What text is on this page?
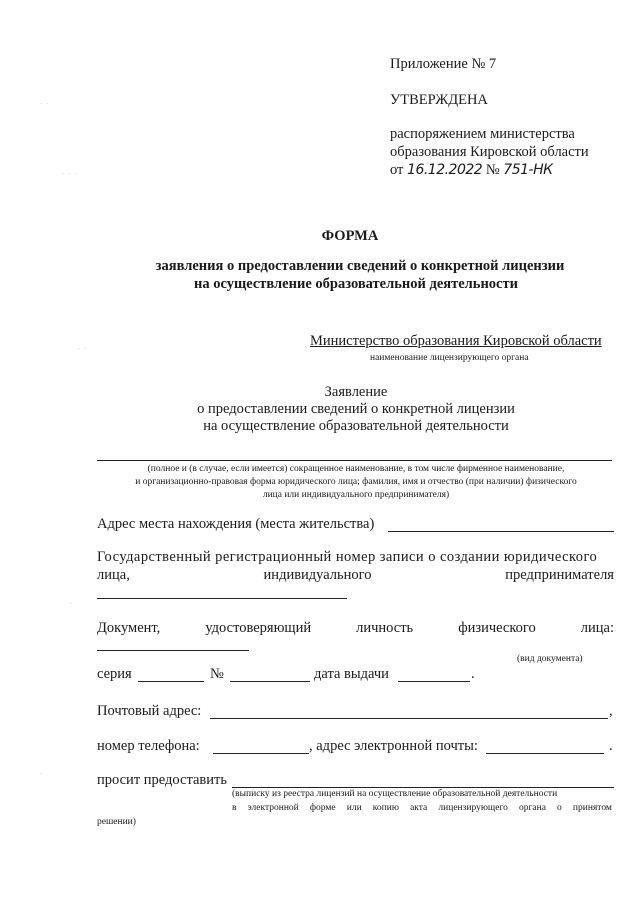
· ·
· · ·
· ·
·
·
Приложение № 7
УТВЕРЖДЕНА
распоряжением министерства
образования Кировской области
от 16.12.2022 № 751-НК
ФОРМА
заявления о предоставлении сведений о конкретной лицензии
на осуществление образовательной деятельности
Министерство образования Кировской области
наименование лицензирующего органа
Заявление
о предоставлении сведений о конкретной лицензии
на осуществление образовательной деятельности
(полное и (в случае, если имеется) сокращенное наименование, в том числе фирменное наименование,
и организационно-правовая форма юридического лица; фамилия, имя и отчество (при наличии) физического
лица или индивидуального предпринимателя)
Адрес места нахождения (места жительства)
Государственный регистрационный номер записи о создании юридического
лица,	индивидуального	предпринимателя
Документ,	удостоверяющий	личность	физического	лица:
(вид документа)
серия	№	дата выдачи	.
Почтовый адрес:	,
номер телефона:	, адрес электронной почты:	.
просит предоставить
(выписку из реестра лицензий на осуществление образовательной деятельности
в электронной форме или копию акта лицензирующего органа о принятом
решении)
